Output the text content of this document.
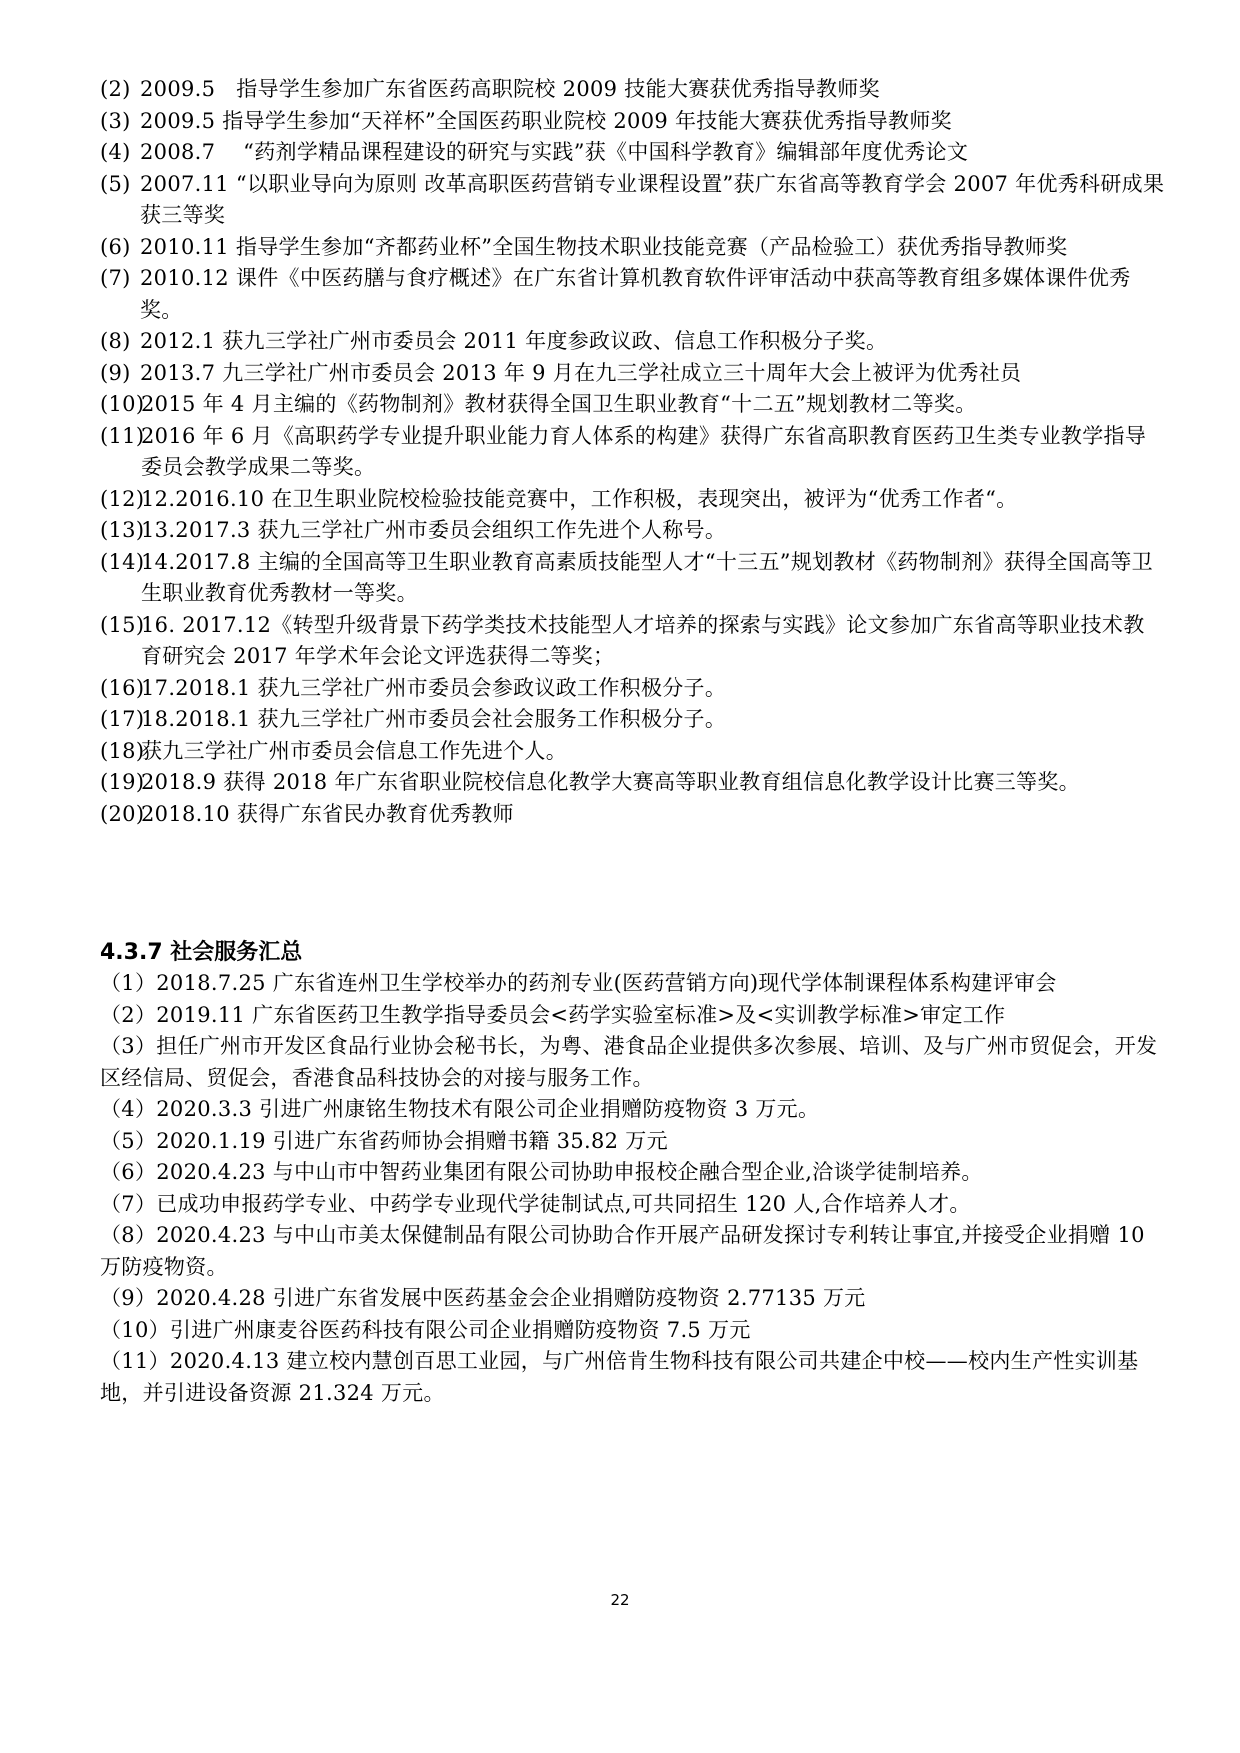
(2) 2009.5   指导学生参加广东省医药高职院校 2009 技能大赛获优秀指导教师奖
(3) 2009.5 指导学生参加“天祥杯”全国医药职业院校 2009 年技能大赛获优秀指导教师奖
(4) 2008.7    “药剂学精品课程建设的研究与实践”获《中国科学教育》编辑部年度优秀论文
(5) 2007.11 “以职业导向为原则 改革高职医药营销专业课程设置”获广东省高等教育学会 2007 年优秀科研成果获三等奖
(6) 2010.11 指导学生参加“齐都药业杯”全国生物技术职业技能竞赛（产品检验工）获优秀指导教师奖
(7) 2010.12 课件《中医药膳与食疗概述》在广东省计算机教育软件评审活动中获高等教育组多媒体课件优秀奖。
(8) 2012.1 获九三学社广州市委员会 2011 年度参政议政、信息工作积极分子奖。
(9) 2013.7 九三学社广州市委员会 2013 年 9 月在九三学社成立三十周年大会上被评为优秀社员
(10)
2015 年 4 月主编的《药物制剂》教材获得全国卫生职业教育“十二五”规划教材二等奖。
(11)
2016 年 6 月《高职药学专业提升职业能力育人体系的构建》获得广东省高职教育医药卫生类专业教学指导委员会教学成果二等奖。
(12)
12.2016.10 在卫生职业院校检验技能竞赛中，工作积极，表现突出，被评为“优秀工作者“。
(13)
13.2017.3 获九三学社广州市委员会组织工作先进个人称号。
(14)
14.2017.8 主编的全国高等卫生职业教育高素质技能型人才“十三五”规划教材《药物制剂》获得全国高等卫生职业教育优秀教材一等奖。
(15)
16. 2017.12《转型升级背景下药学类技术技能型人才培养的探索与实践》论文参加广东省高等职业技术教育研究会 2017 年学术年会论文评选获得二等奖；
(16)
17.2018.1 获九三学社广州市委员会参政议政工作积极分子。
(17)
18.2018.1 获九三学社广州市委员会社会服务工作积极分子。
(18)
获九三学社广州市委员会信息工作先进个人。
(19)
2018.9 获得 2018 年广东省职业院校信息化教学大赛高等职业教育组信息化教学设计比赛三等奖。
(20)
2018.10 获得广东省民办教育优秀教师
4.3.7 社会服务汇总
（1）2018.7.25 广东省连州卫生学校举办的药剂专业(医药营销方向)现代学体制课程体系构建评审会
（2）2019.11 广东省医药卫生教学指导委员会<药学实验室标准>及<实训教学标准>审定工作
（3）担任广州市开发区食品行业协会秘书长，为粤、港食品企业提供多次参展、培训、及与广州市贸促会，开发区经信局、贸促会，香港食品科技协会的对接与服务工作。
（4）2020.3.3 引进广州康铭生物技术有限公司企业捐赠防疫物资 3 万元。
（5）2020.1.19 引进广东省药师协会捐赠书籍 35.82 万元
（6）2020.4.23 与中山市中智药业集团有限公司协助申报校企融合型企业,洽谈学徒制培养。
（7）已成功申报药学专业、中药学专业现代学徒制试点,可共同招生 120 人,合作培养人才。
（8）2020.4.23 与中山市美太保健制品有限公司协助合作开展产品研发探讨专利转让事宜,并接受企业捐赠 10 万防疫物资。
（9）2020.4.28 引进广东省发展中医药基金会企业捐赠防疫物资 2.77135 万元
（10）引进广州康麦谷医药科技有限公司企业捐赠防疫物资 7.5 万元
（11）2020.4.13 建立校内慧创百思工业园，与广州倍肯生物科技有限公司共建企中校——校内生产性实训基地，并引进设备资源 21.324 万元。
22
